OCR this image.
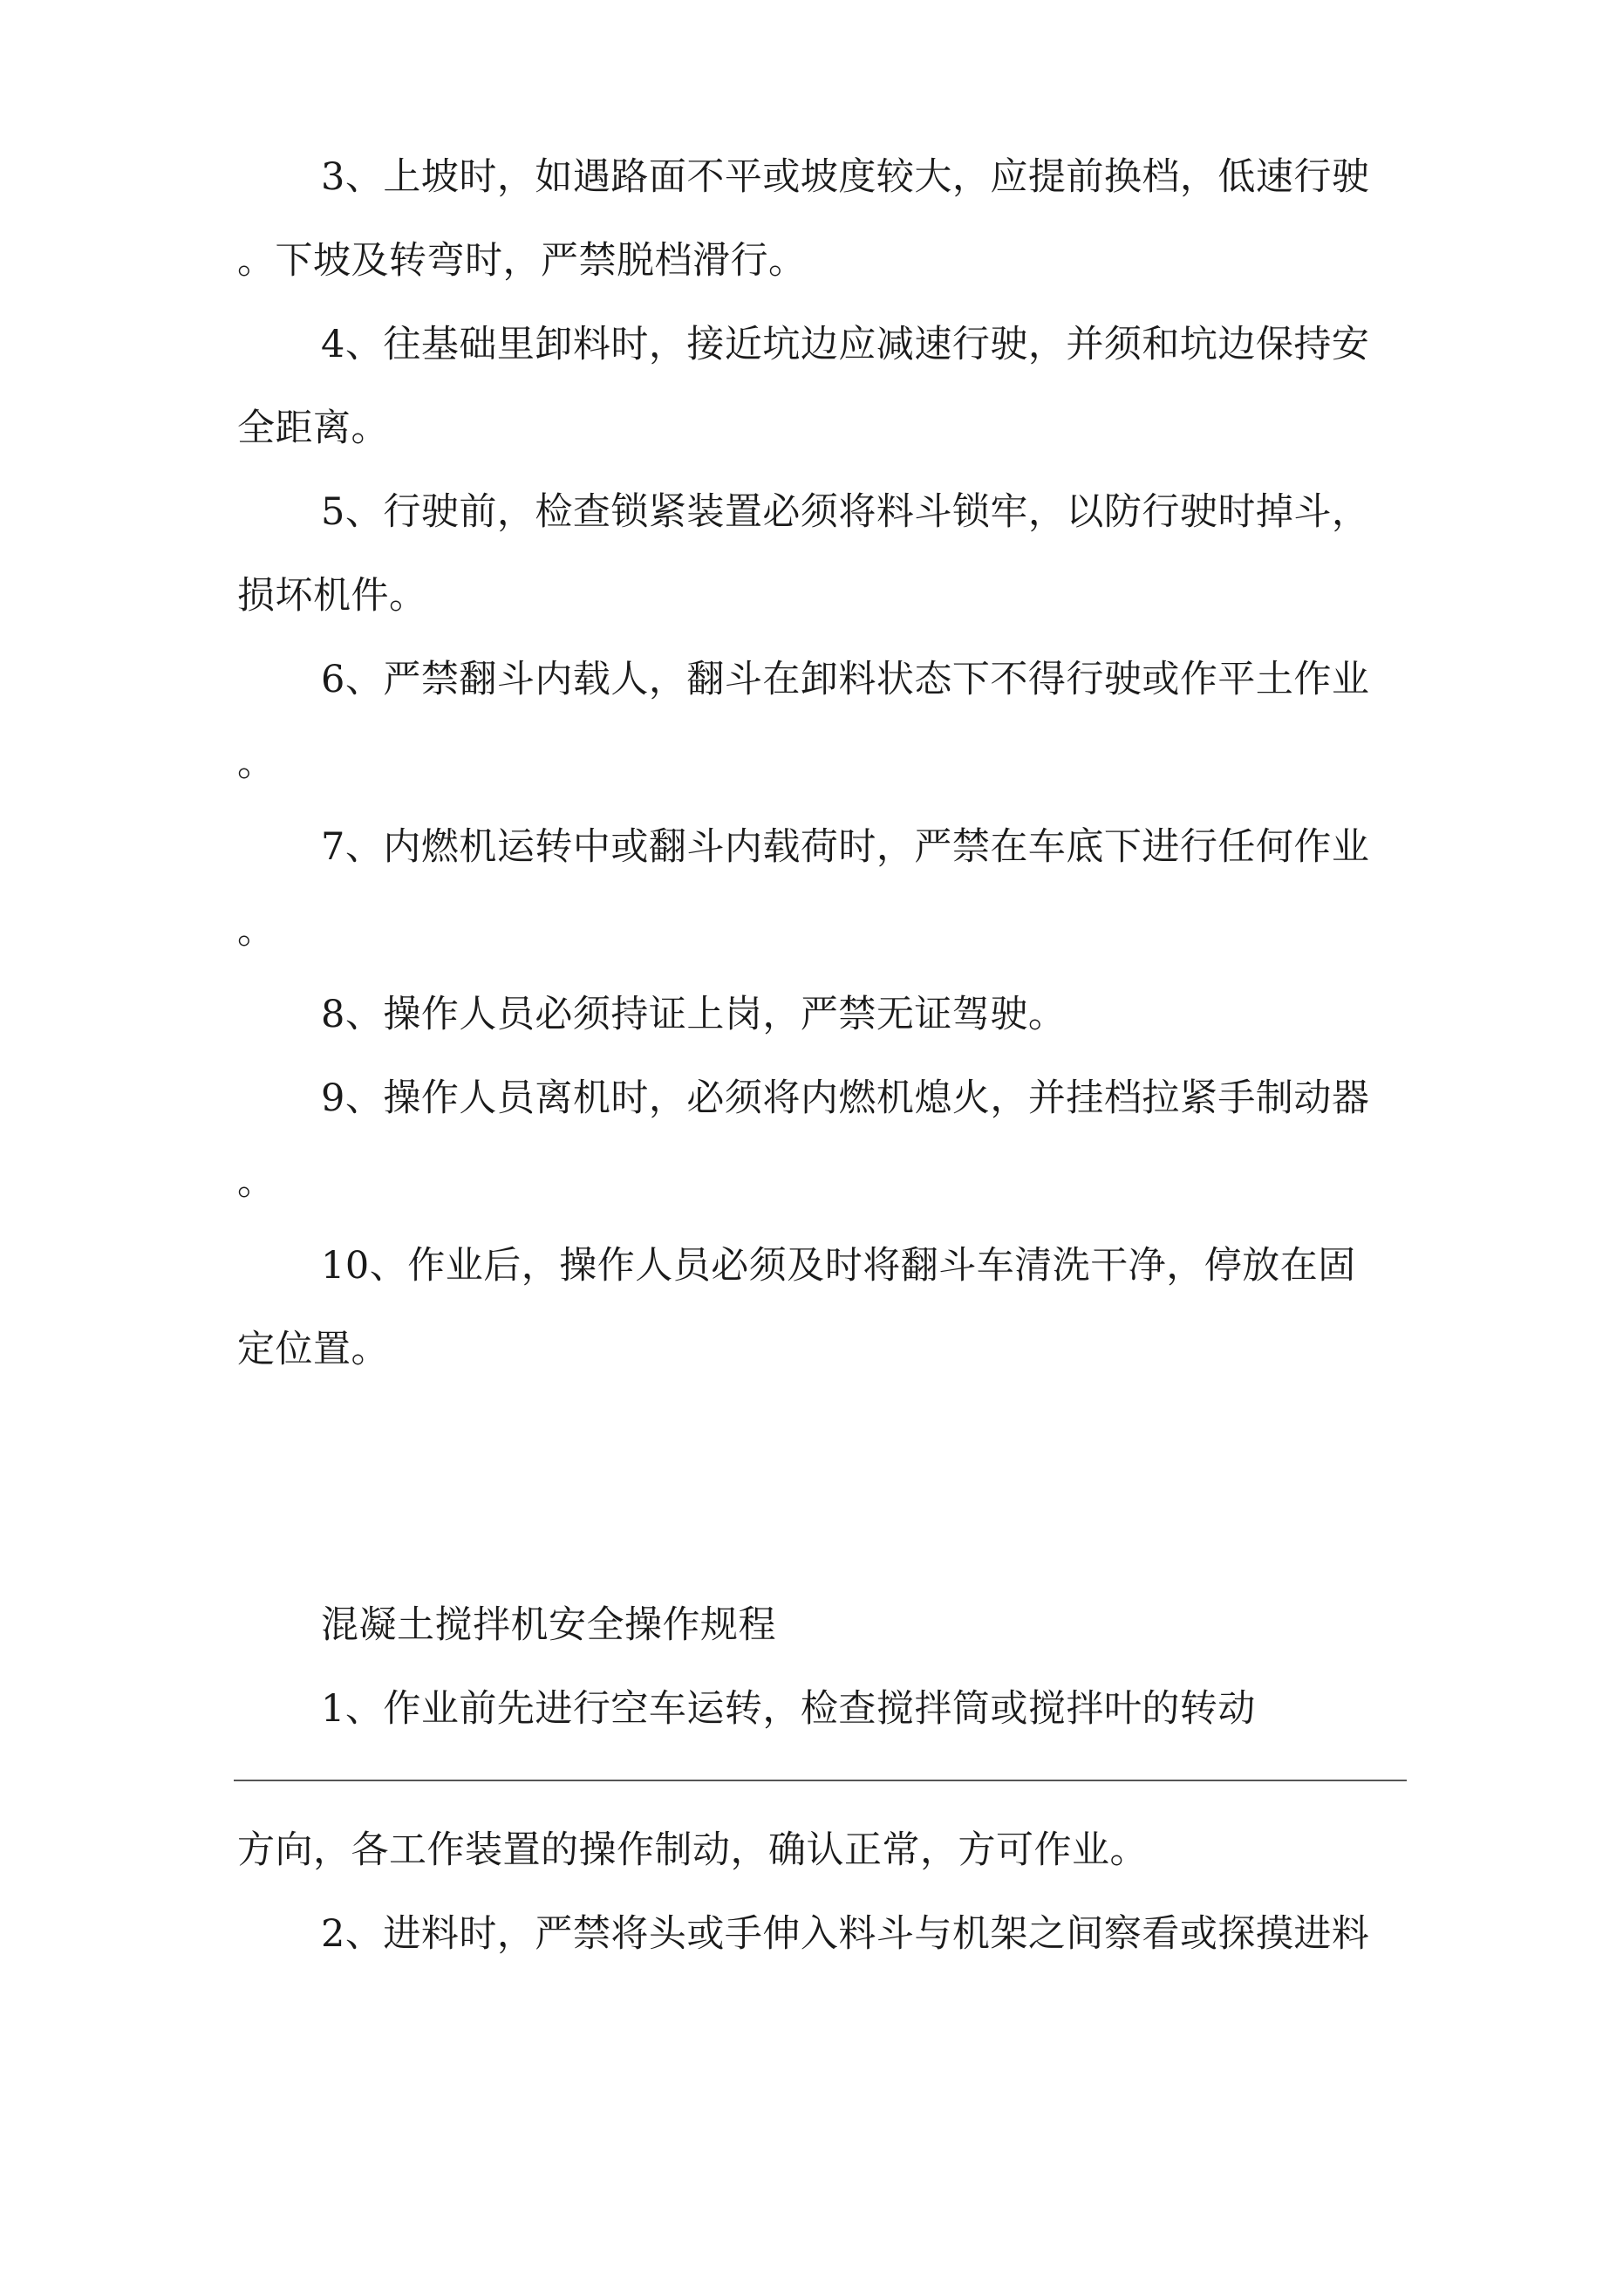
3、上坡时，如遇路面不平或坡度较大，应提前换档，低速行驶
。下坡及转弯时，严禁脱档滑行。
4、往基础里卸料时，接近坑边应减速行驶，并须和坑边保持安
全距离。
5、行驶前，检查锁紧装置必须将料斗锁牢，以防行驶时掉斗，
损坏机件。
6、严禁翻斗内载人，翻斗在卸料状态下不得行驶或作平土作业
。
7、内燃机运转中或翻斗内载荷时，严禁在车底下进行任何作业
。
8、操作人员必须持证上岗，严禁无证驾驶。
9、操作人员离机时，必须将内燃机熄火，并挂档拉紧手制动器
。
10、作业后，操作人员必须及时将翻斗车清洗干净，停放在固
定位置。
混凝土搅拌机安全操作规程
1、作业前先进行空车运转，检查搅拌筒或搅拌叶的转动
方向，各工作装置的操作制动，确认正常，方可作业。
2、进料时，严禁将头或手伸入料斗与机架之间察看或探摸进料
